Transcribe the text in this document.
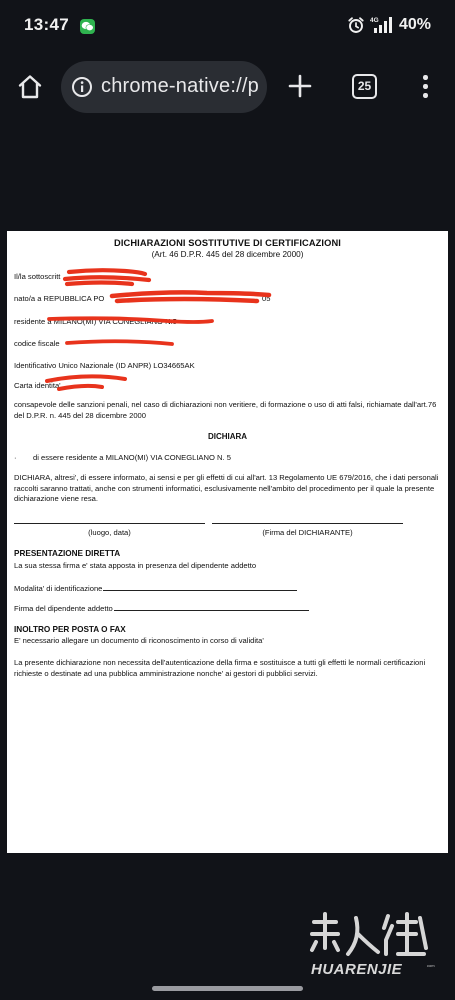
13:47	4G 40%
chrome-native://p	25
DICHIARAZIONI SOSTITUTIVE DI CERTIFICAZIONI
(Art. 46 D.P.R. 445 del 28 dicembre 2000)
Il/la sottoscritt
nato/a a REPUBBLICA PO	05
residente a MILANO(MI) VIA CONEGLIANO N.5
codice fiscale
Identificativo Unico Nazionale (ID ANPR) LO34665AK
Carta identita'
consapevole delle sanzioni penali, nel caso di dichiarazioni non veritiere, di formazione o uso di atti falsi, richiamate dall'art.76 del D.P.R. n. 445 del 28 dicembre 2000
DICHIARA
· di essere residente a MILANO(MI) VIA CONEGLIANO N. 5
DICHIARA, altresi', di essere informato, ai sensi e per gli effetti di cui all'art. 13 Regolamento UE 679/2016, che i dati personali raccolti saranno trattati, anche con strumenti informatici, esclusivamente nell'ambito del procedimento per il quale la presente dichiarazione viene resa.
(luogo, data)	(Firma del DICHIARANTE)
PRESENTAZIONE DIRETTA
La sua stessa firma e' stata apposta in presenza del dipendente addetto
Modalita' di identificazione
Firma del dipendente addetto
INOLTRO PER POSTA O FAX
E' necessario allegare un documento di riconoscimento in corso di validita'
La presente dichiarazione non necessita dell'autenticazione della firma e sostituisce a tutti gli effetti le normali certificazioni richieste o destinate ad una pubblica amministrazione nonche' ai gestori di pubblici servizi.
HUARENJIE	com
